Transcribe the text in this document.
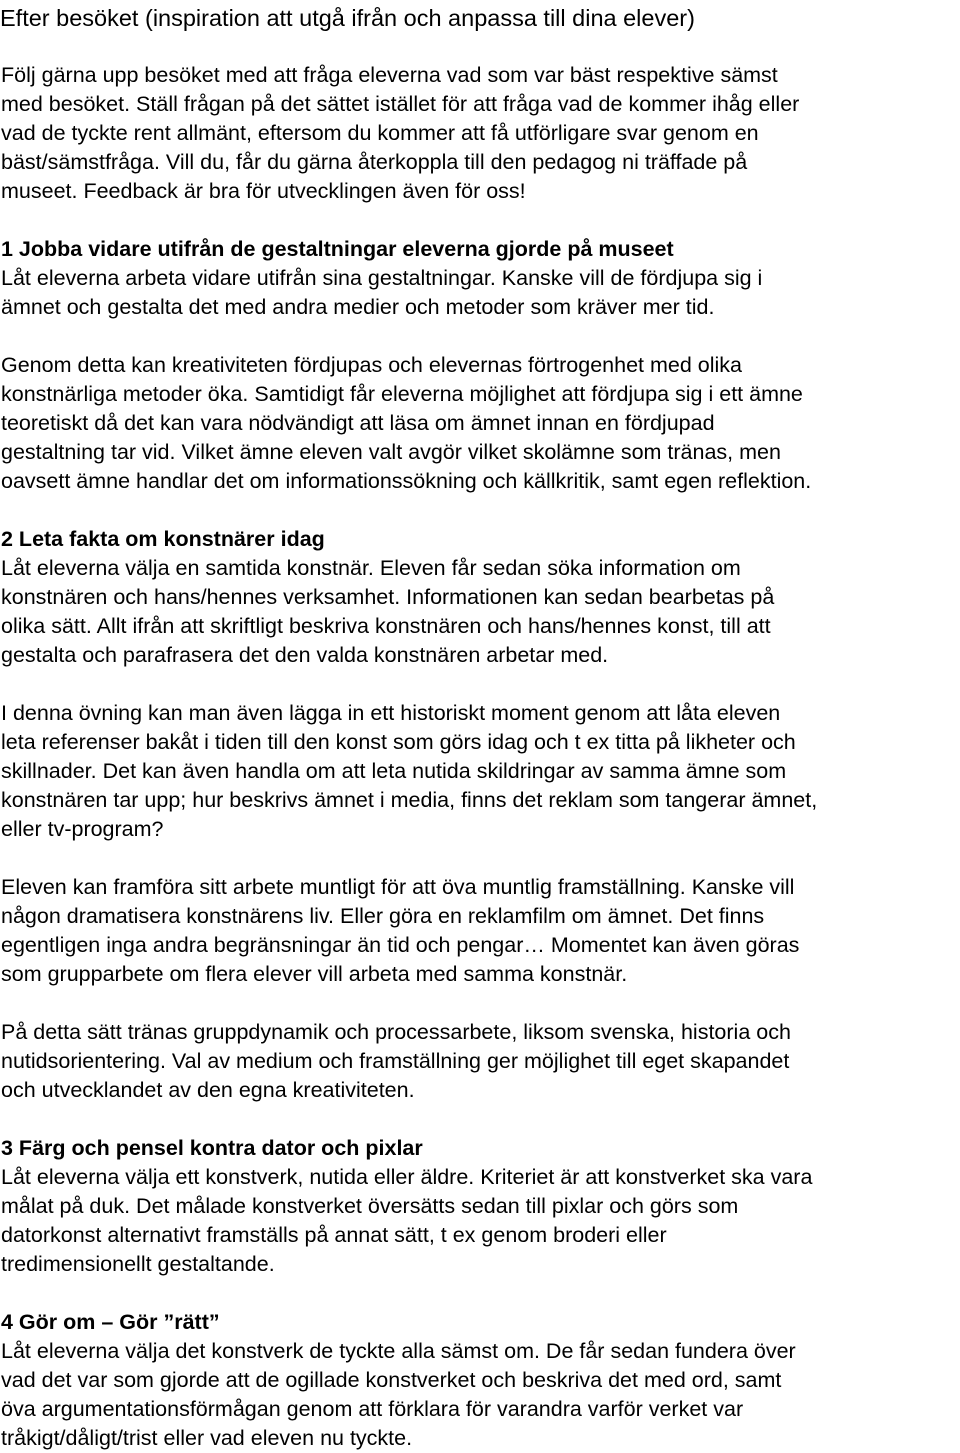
Efter besöket (inspiration att utgå ifrån och anpassa till dina elever)
Följ gärna upp besöket med att fråga eleverna vad som var bäst respektive sämst
med besöket. Ställ frågan på det sättet istället för att fråga vad de kommer ihåg eller
vad de tyckte rent allmänt, eftersom du kommer att få utförligare svar genom en
bäst/sämstfråga. Vill du, får du gärna återkoppla till den pedagog ni träffade på
museet. Feedback är bra för utvecklingen även för oss!
1 Jobba vidare utifrån de gestaltningar eleverna gjorde på museet
Låt eleverna arbeta vidare utifrån sina gestaltningar. Kanske vill de fördjupa sig i
ämnet och gestalta det med andra medier och metoder som kräver mer tid.
Genom detta kan kreativiteten fördjupas och elevernas förtrogenhet med olika
konstnärliga metoder öka. Samtidigt får eleverna möjlighet att fördjupa sig i ett ämne
teoretiskt då det kan vara nödvändigt att läsa om ämnet innan en fördjupad
gestaltning tar vid. Vilket ämne eleven valt avgör vilket skolämne som tränas, men
oavsett ämne handlar det om informationssökning och källkritik, samt egen reflektion.
2 Leta fakta om konstnärer idag
Låt eleverna välja en samtida konstnär. Eleven får sedan söka information om
konstnären och hans/hennes verksamhet. Informationen kan sedan bearbetas på
olika sätt. Allt ifrån att skriftligt beskriva konstnären och hans/hennes konst, till att
gestalta och parafrasera det den valda konstnären arbetar med.
I denna övning kan man även lägga in ett historiskt moment genom att låta eleven
leta referenser bakåt i tiden till den konst som görs idag och t ex titta på likheter och
skillnader. Det kan även handla om att leta nutida skildringar av samma ämne som
konstnären tar upp; hur beskrivs ämnet i media, finns det reklam som tangerar ämnet,
eller tv-program?
Eleven kan framföra sitt arbete muntligt för att öva muntlig framställning. Kanske vill
någon dramatisera konstnärens liv. Eller göra en reklamfilm om ämnet. Det finns
egentligen inga andra begränsningar än tid och pengar… Momentet kan även göras
som grupparbete om flera elever vill arbeta med samma konstnär.
På detta sätt tränas gruppdynamik och processarbete, liksom svenska, historia och
nutidsorientering. Val av medium och framställning ger möjlighet till eget skapandet
och utvecklandet av den egna kreativiteten.
3 Färg och pensel kontra dator och pixlar
Låt eleverna välja ett konstverk, nutida eller äldre. Kriteriet är att konstverket ska vara
målat på duk. Det målade konstverket översätts sedan till pixlar och görs som
datorkonst alternativt framställs på annat sätt, t ex genom broderi eller
tredimensionellt gestaltande.
4 Gör om – Gör ”rätt”
Låt eleverna välja det konstverk de tyckte alla sämst om. De får sedan fundera över
vad det var som gjorde att de ogillade konstverket och beskriva det med ord, samt
öva argumentationsförmågan genom att förklara för varandra varför verket var
tråkigt/dåligt/trist eller vad eleven nu tyckte.
